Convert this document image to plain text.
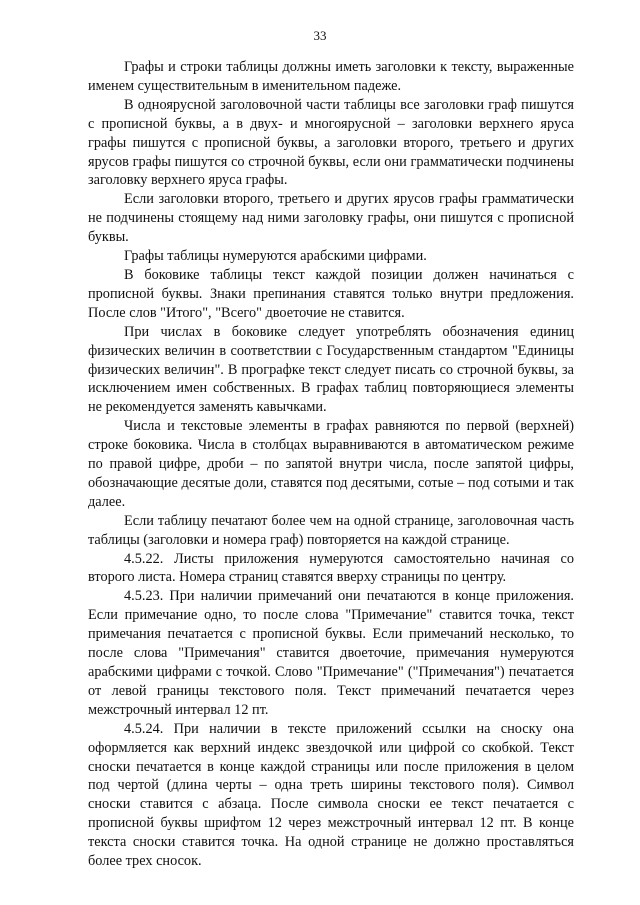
33

Графы и строки таблицы должны иметь заголовки к тексту, выраженные именем существительным в именительном падеже.

В одноярусной заголовочной части таблицы все заголовки граф пишутся с прописной буквы, а в двух- и многоярусной – заголовки верхнего яруса графы пишутся с прописной буквы, а заголовки второго, третьего и других ярусов графы пишутся со строчной буквы, если они грамматически подчинены заголовку верхнего яруса графы.

Если заголовки второго, третьего и других ярусов графы грамматически не подчинены стоящему над ними заголовку графы, они пишутся с прописной буквы.

Графы таблицы нумеруются арабскими цифрами.

В боковике таблицы текст каждой позиции должен начинаться с прописной буквы. Знаки препинания ставятся только внутри предложения. После слов "Итого", "Всего" двоеточие не ставится.

При числах в боковике следует употреблять обозначения единиц физических величин в соответствии с Государственным стандартом "Единицы физических величин". В прографке текст следует писать со строчной буквы, за исключением имен собственных. В графах таблиц повторяющиеся элементы не рекомендуется заменять кавычками.

Числа и текстовые элементы в графах равняются по первой (верхней) строке боковика. Числа в столбцах выравниваются в автоматическом режиме по правой цифре, дроби – по запятой внутри числа, после запятой цифры, обозначающие десятые доли, ставятся под десятыми, сотые – под сотыми и так далее.

Если таблицу печатают более чем на одной странице, заголовочная часть таблицы (заголовки и номера граф) повторяется на каждой странице.

4.5.22. Листы приложения нумеруются самостоятельно начиная со второго листа. Номера страниц ставятся вверху страницы по центру.

4.5.23. При наличии примечаний они печатаются в конце приложения. Если примечание одно, то после слова "Примечание" ставится точка, текст примечания печатается с прописной буквы. Если примечаний несколько, то после слова "Примечания" ставится двоеточие, примечания нумеруются арабскими цифрами с точкой. Слово "Примечание" ("Примечания") печатается от левой границы текстового поля. Текст примечаний печатается через межстрочный интервал 12 пт.

4.5.24. При наличии в тексте приложений ссылки на сноску она оформляется как верхний индекс звездочкой или цифрой со скобкой. Текст сноски печатается в конце каждой страницы или после приложения в целом под чертой (длина черты – одна треть ширины текстового поля). Символ сноски ставится с абзаца. После символа сноски ее текст печатается с прописной буквы шрифтом 12 через межстрочный интервал 12 пт. В конце текста сноски ставится точка. На одной странице не должно проставляться более трех сносок.
